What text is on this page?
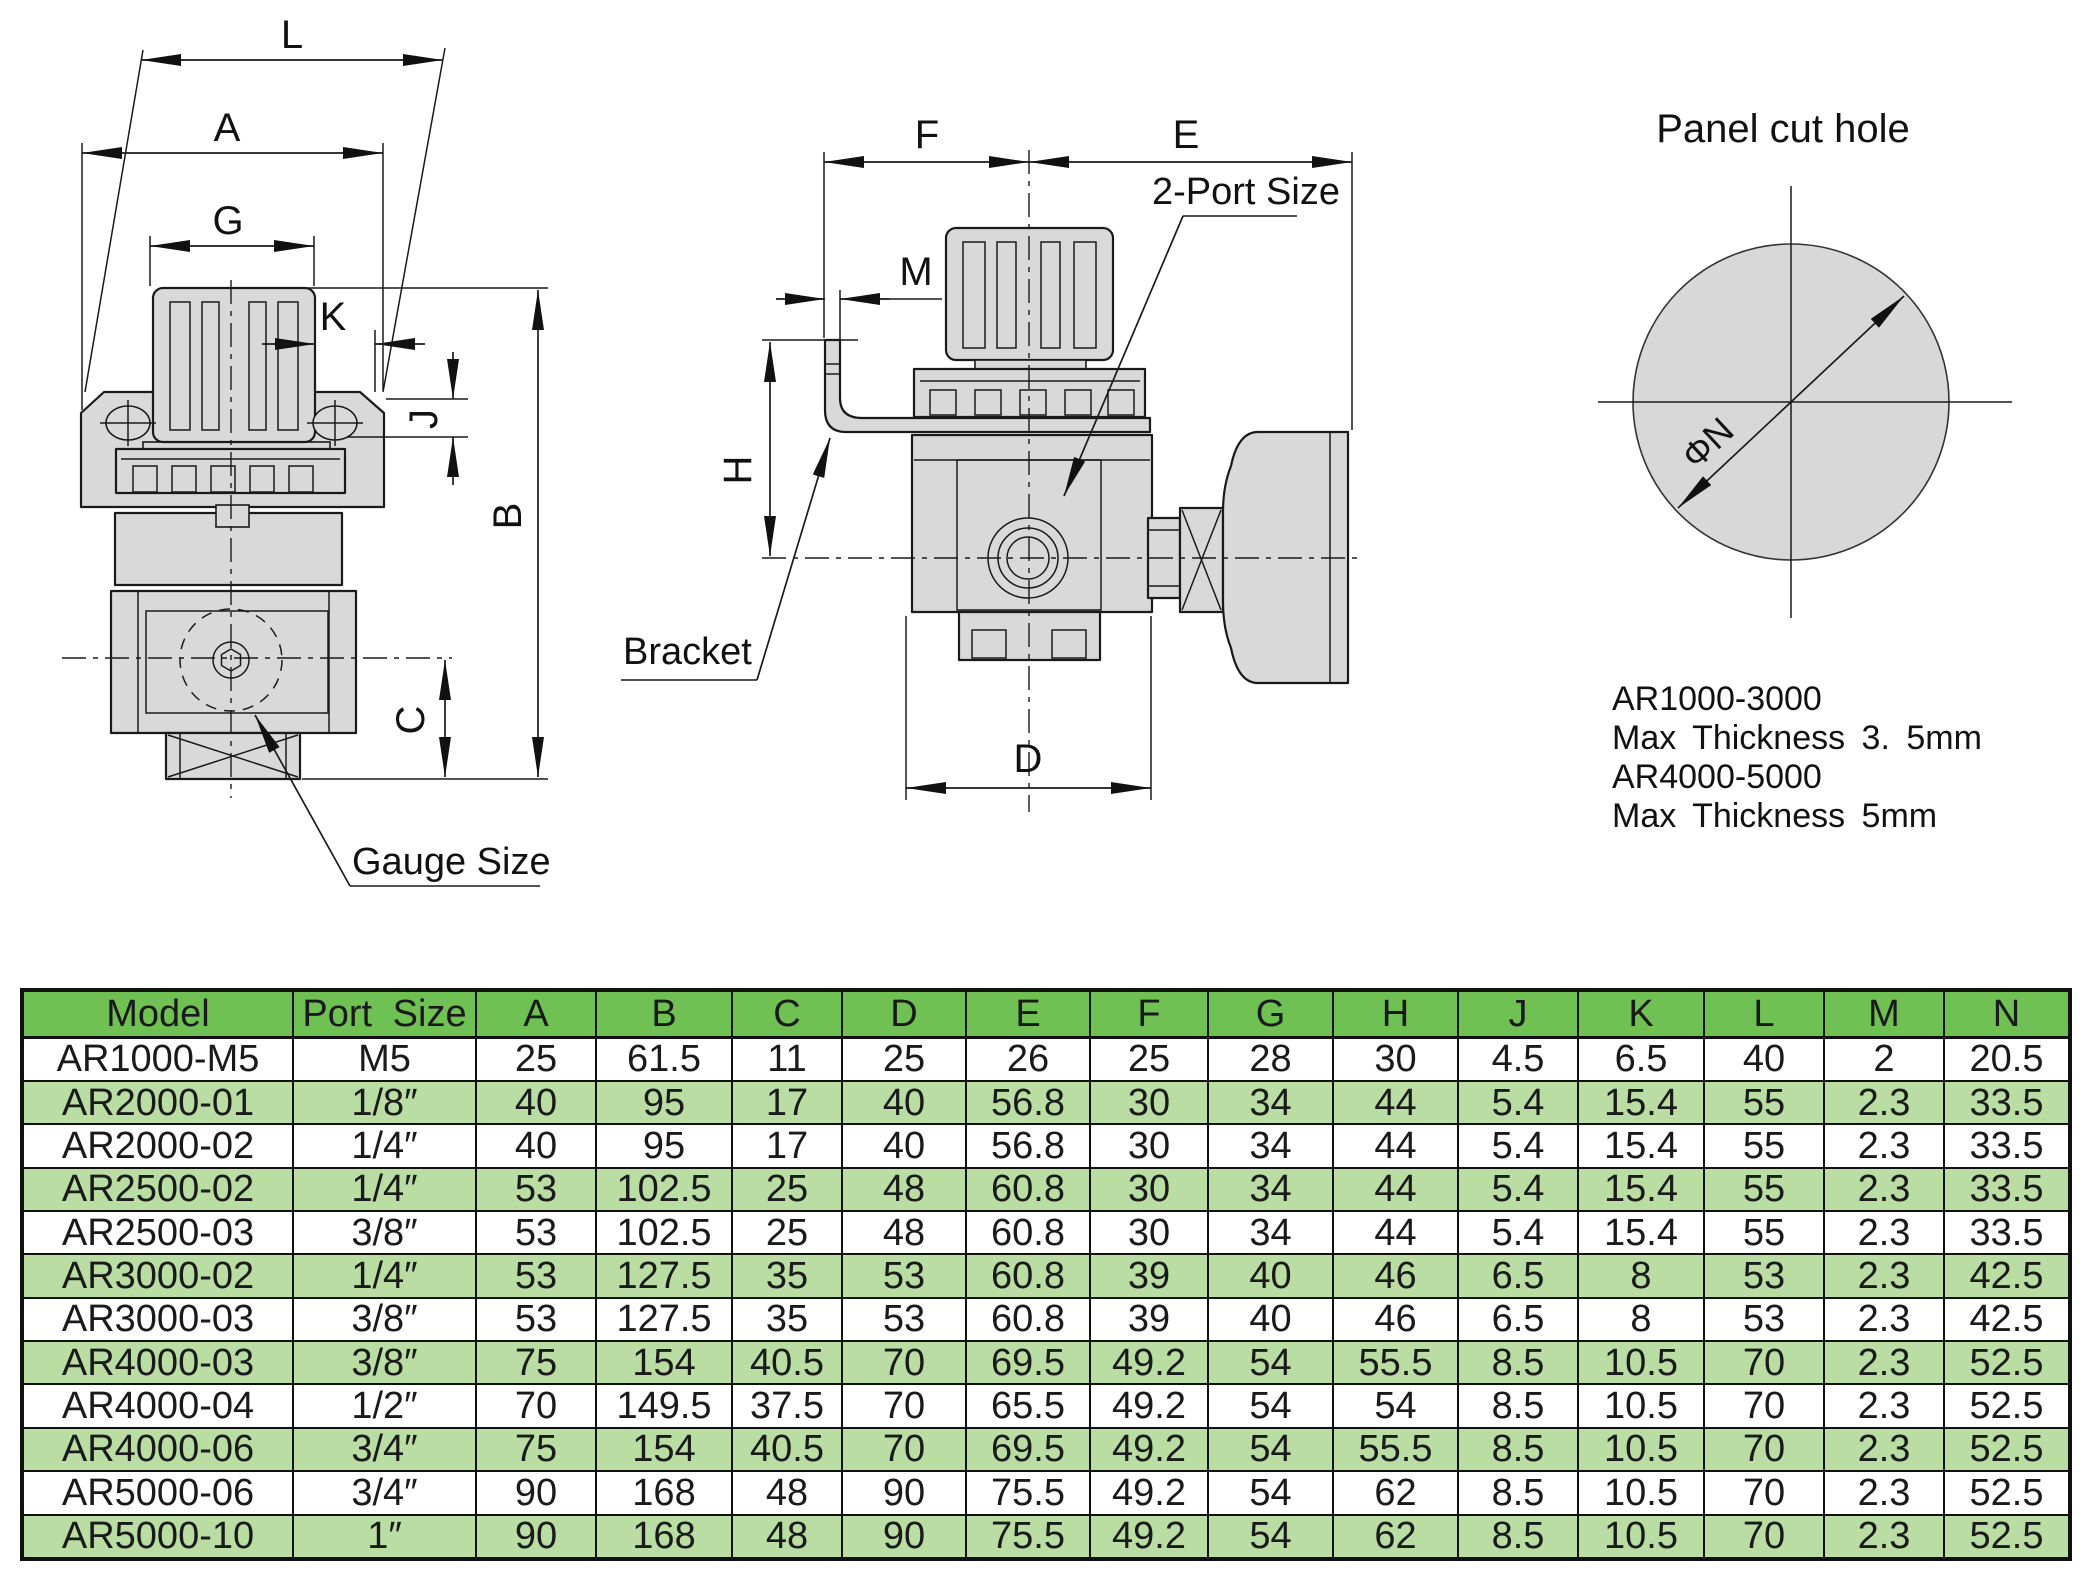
L
A
G
K
J
B
C
Gauge Size
F	E
M
H
D
2-Port Size
Bracket
Panel cut hole
ΦN
AR1000-3000
Max Thickness 3. 5mm
AR4000-5000
Max Thickness 5mm
Model	Port Size	A	B	C	D	E	F	G	H	J	K	L	M	N
AR1000-M5	M5	25	61.5	11	25	26	25	28	30	4.5	6.5	40	2	20.5
AR2000-01	1/8″	40	95	17	40	56.8	30	34	44	5.4	15.4	55	2.3	33.5
AR2000-02	1/4″	40	95	17	40	56.8	30	34	44	5.4	15.4	55	2.3	33.5
AR2500-02	1/4″	53	102.5	25	48	60.8	30	34	44	5.4	15.4	55	2.3	33.5
AR2500-03	3/8″	53	102.5	25	48	60.8	30	34	44	5.4	15.4	55	2.3	33.5
AR3000-02	1/4″	53	127.5	35	53	60.8	39	40	46	6.5	8	53	2.3	42.5
AR3000-03	3/8″	53	127.5	35	53	60.8	39	40	46	6.5	8	53	2.3	42.5
AR4000-03	3/8″	75	154	40.5	70	69.5	49.2	54	55.5	8.5	10.5	70	2.3	52.5
AR4000-04	1/2″	70	149.5	37.5	70	65.5	49.2	54	54	8.5	10.5	70	2.3	52.5
AR4000-06	3/4″	75	154	40.5	70	69.5	49.2	54	55.5	8.5	10.5	70	2.3	52.5
AR5000-06	3/4″	90	168	48	90	75.5	49.2	54	62	8.5	10.5	70	2.3	52.5
AR5000-10	1″	90	168	48	90	75.5	49.2	54	62	8.5	10.5	70	2.3	52.5
